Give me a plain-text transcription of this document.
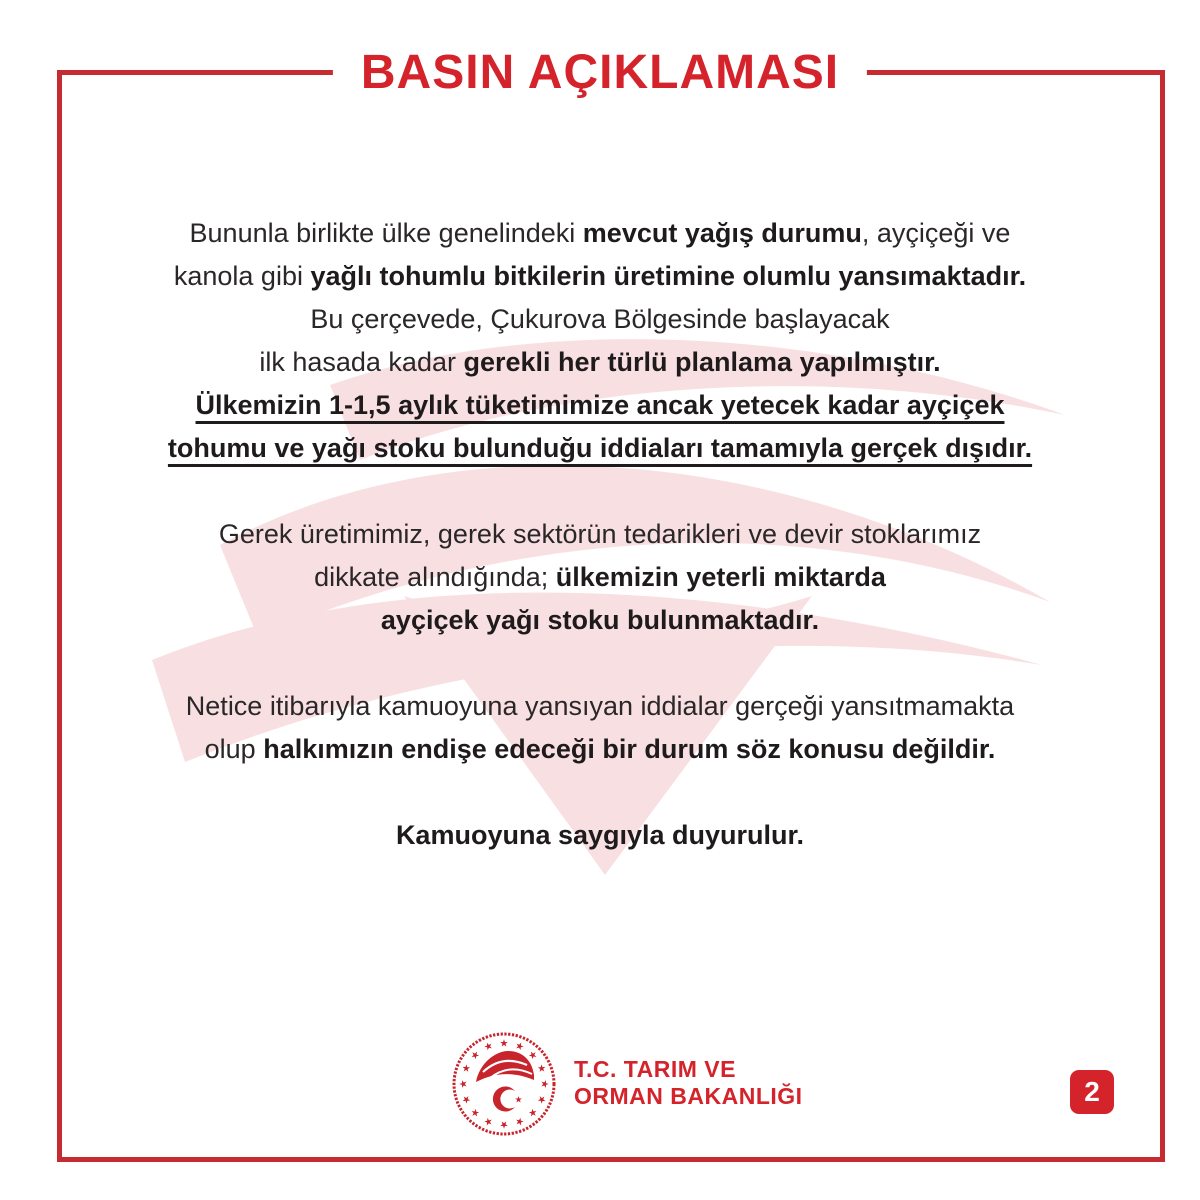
BASIN AÇIKLAMASI
Bununla birlikte ülke genelindeki mevcut yağış durumu, ayçiçeği ve
kanola gibi yağlı tohumlu bitkilerin üretimine olumlu yansımaktadır.
Bu çerçevede, Çukurova Bölgesinde başlayacak
ilk hasada kadar gerekli her türlü planlama yapılmıştır.
Ülkemizin 1-1,5 aylık tüketimimize ancak yetecek kadar ayçiçek
tohumu ve yağı stoku bulunduğu iddiaları tamamıyla gerçek dışıdır.
Gerek üretimimiz, gerek sektörün tedarikleri ve devir stoklarımız
dikkate alındığında; ülkemizin yeterli miktarda
ayçiçek yağı stoku bulunmaktadır.
Netice itibarıyla kamuoyuna yansıyan iddialar gerçeği yansıtmamakta
olup halkımızın endişe edeceği bir durum söz konusu değildir.
Kamuoyuna saygıyla duyurulur.
★ ★
★
★
★
★
★
★
★
★
★
★
★
★
★
★
★
T.C. TARIM VE
ORMAN BAKANLIĞI	2
